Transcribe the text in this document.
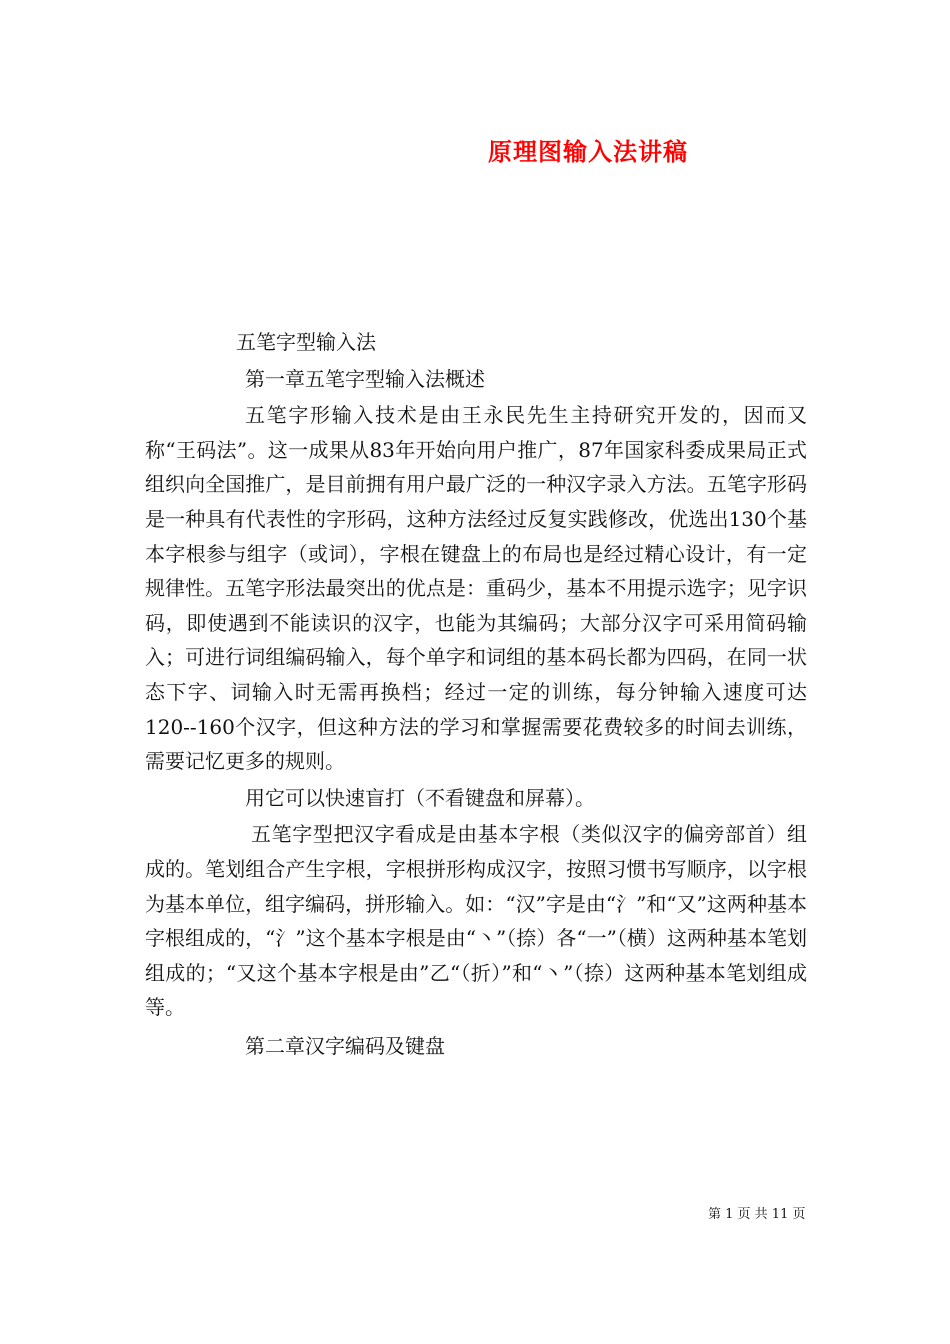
原理图输入法讲稿

五笔字型输入法

第一章五笔字型输入法概述

五笔字形输入技术是由王永民先生主持研究开发的，因而又称“王码法”。这一成果从83年开始向用户推广，87年国家科委成果局正式组织向全国推广，是目前拥有用户最广泛的一种汉字录入方法。五笔字形码是一种具有代表性的字形码，这种方法经过反复实践修改，优选出130个基本字根参与组字（或词），字根在键盘上的布局也是经过精心设计，有一定规律性。五笔字形法最突出的优点是：重码少，基本不用提示选字；见字识码，即使遇到不能读识的汉字，也能为其编码；大部分汉字可采用简码输入；可进行词组编码输入，每个单字和词组的基本码长都为四码，在同一状态下字、词输入时无需再换档；经过一定的训练，每分钟输入速度可达120--160个汉字，但这种方法的学习和掌握需要花费较多的时间去训练，需要记忆更多的规则。

用它可以快速盲打（不看键盘和屏幕）。

五笔字型把汉字看成是由基本字根（类似汉字的偏旁部首）组成的。笔划组合产生字根，字根拼形构成汉字，按照习惯书写顺序，以字根为基本单位，组字编码，拼形输入。如：“汉”字是由“氵”和“又”这两种基本字根组成的，“氵”这个基本字根是由“丶”（捺）各“一”（横）这两种基本笔划组成的；“又这个基本字根是由”乙“（折）”和“丶”（捺）这两种基本笔划组成等。

第二章汉字编码及键盘

第 1 页 共 11 页
